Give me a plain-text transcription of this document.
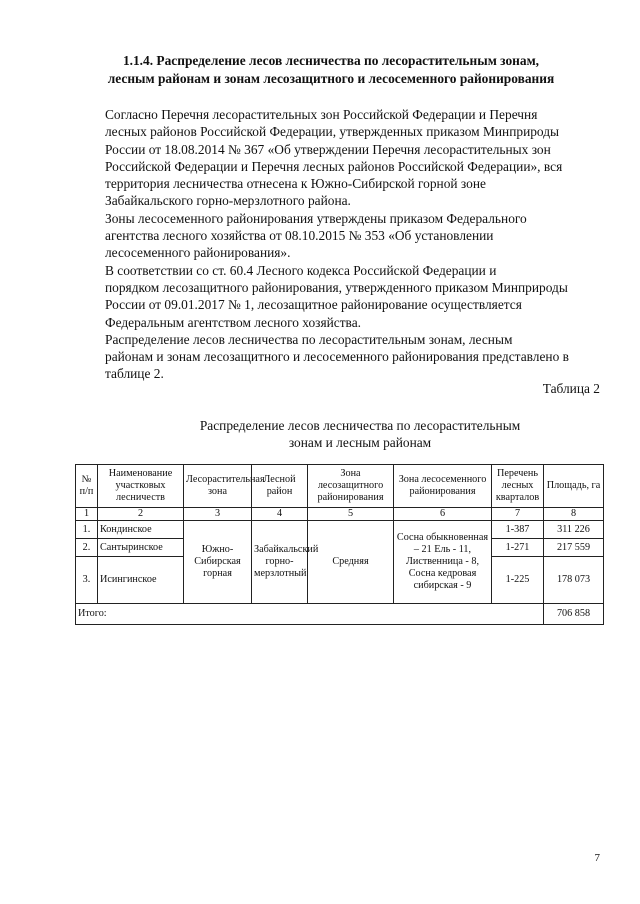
1.1.4. Распределение лесов лесничества по лесорастительным зонам,
лесным районам и зонам лесозащитного и лесосеменного районирования

Согласно Перечня лесорастительных зон Российской Федерации и Перечня
лесных районов Российской Федерации, утвержденных приказом Минприроды
России от 18.08.2014 № 367 «Об утверждении Перечня лесорастительных зон
Российской Федерации и Перечня лесных районов Российской Федерации», вся
территория лесничества отнесена к Южно-Сибирской горной зоне
Забайкальского горно-мерзлотного района.

Зоны лесосеменного районирования утверждены приказом Федерального
агентства лесного хозяйства от 08.10.2015 № 353 «Об установлении
лесосеменного районирования».

В соответствии со ст. 60.4 Лесного кодекса Российской Федерации и
порядком лесозащитного районирования, утвержденного приказом Минприроды
России от 09.01.2017 № 1, лесозащитное районирование осуществляется
Федеральным агентством лесного хозяйства.

Распределение лесов лесничества по лесорастительным зонам, лесным
районам и зонам лесозащитного и лесосеменного районирования представлено в
таблице 2.

Таблица 2
Распределение лесов лесничества по лесорастительным
зонам и лесным районам
№ п/п	Наименование участковых лесничеств	Лесорастительная зона	Лесной район	Зона лесозащитного районирования	Зона лесосеменного районирования	Перечень лесных кварталов	Площадь, га
1	2	3	4	5	6	7	8
1.	Кондинское	Южно-Сибирская горная	Забайкальский горно-мерзлотный	Средняя	Сосна обыкновенная – 21 Ель - 11, Лиственница - 8, Сосна кедровая сибирская - 9	1-387	311 226
2.	Сантыринское					1-271	217 559
3.	Исингинское					1-225	178 073
Итого:							706 858
7
